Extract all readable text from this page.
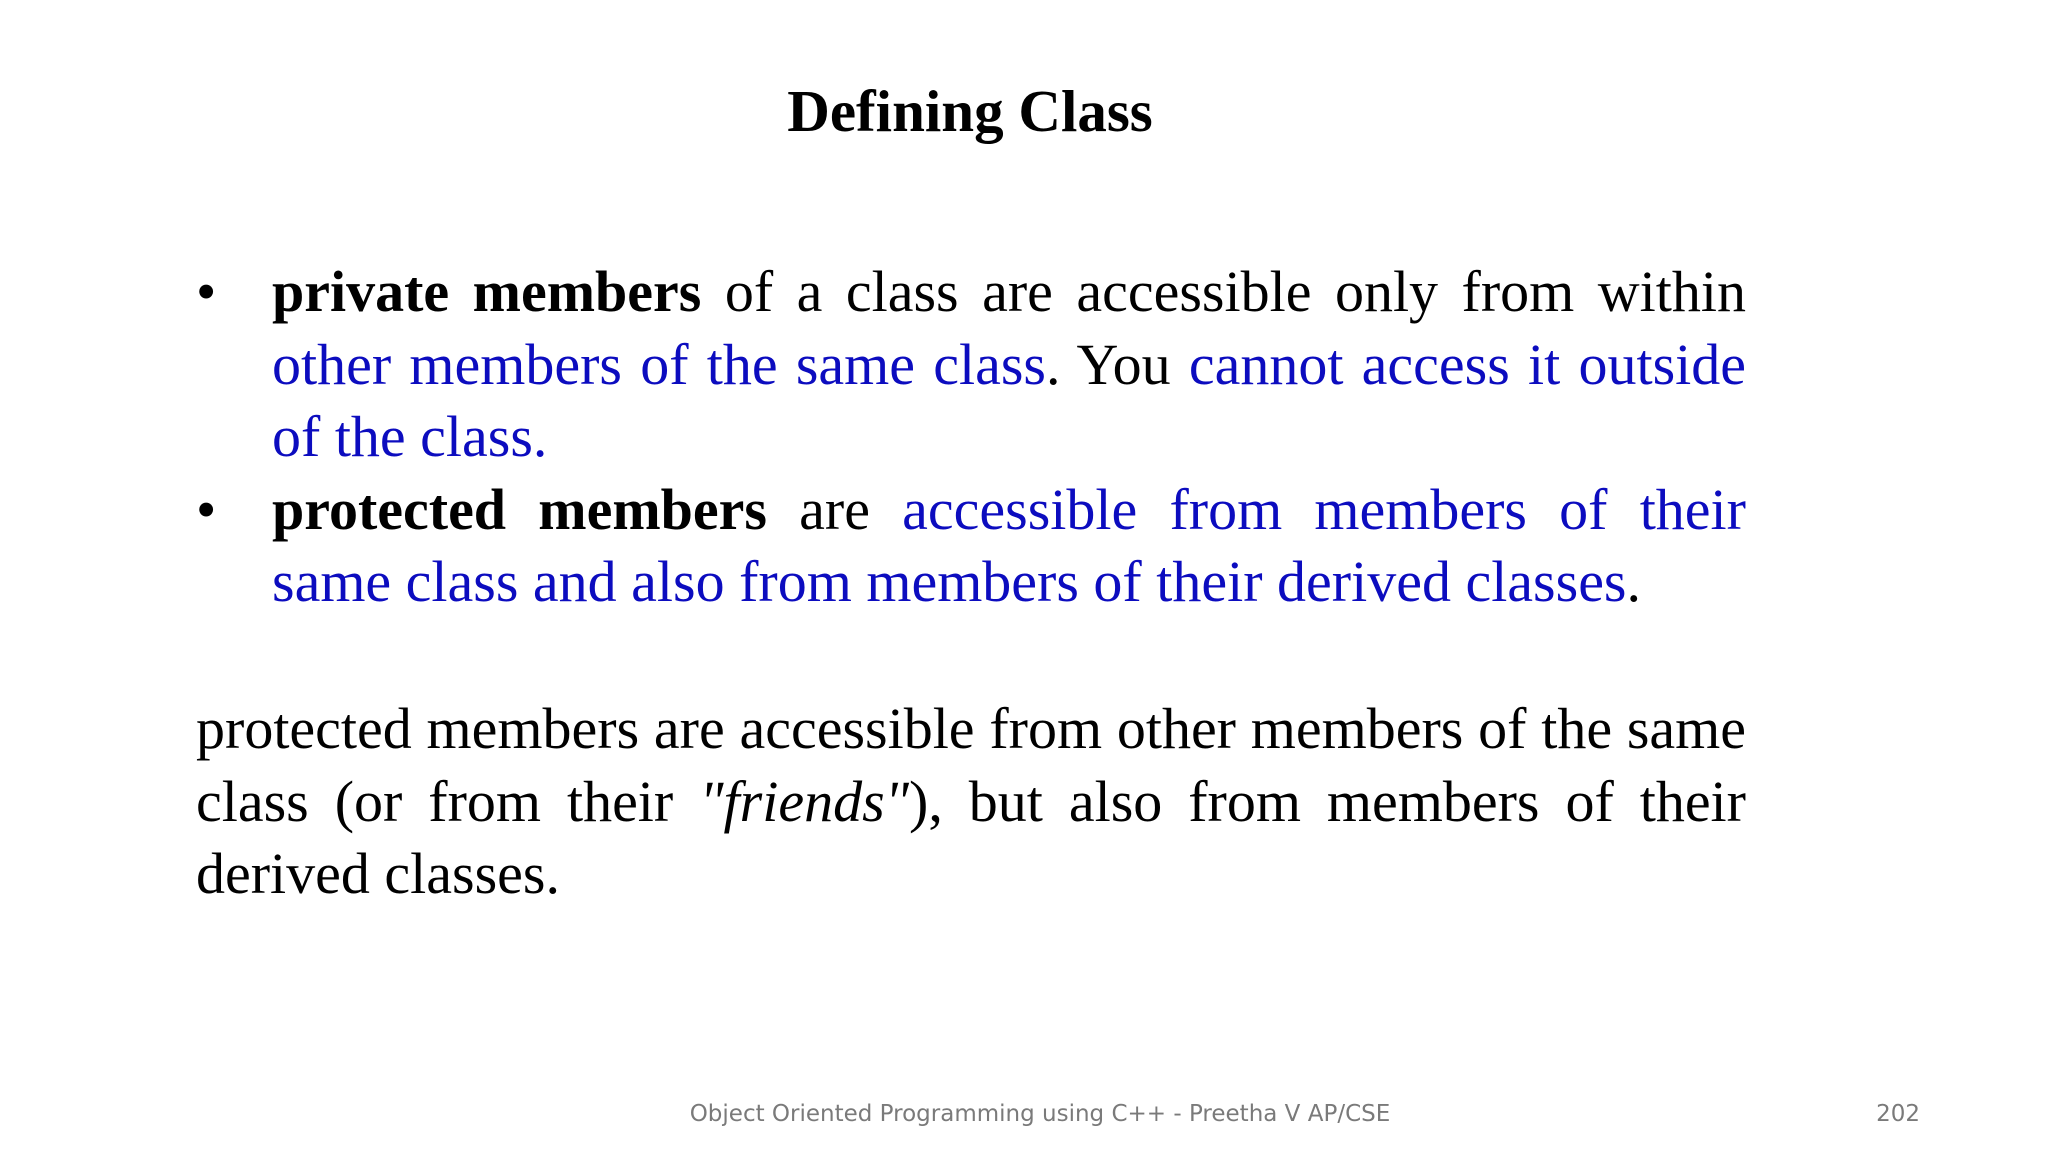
Defining Class
• private members of a class are accessible only from within other members of the same class. You cannot access it outside of the class.
• protected members are accessible from members of their same class and also from members of their derived classes.

protected members are accessible from other members of the same class (or from their "friends"), but also from members of their derived classes.

Object Oriented Programming using C++ - Preetha V AP/CSE	202
